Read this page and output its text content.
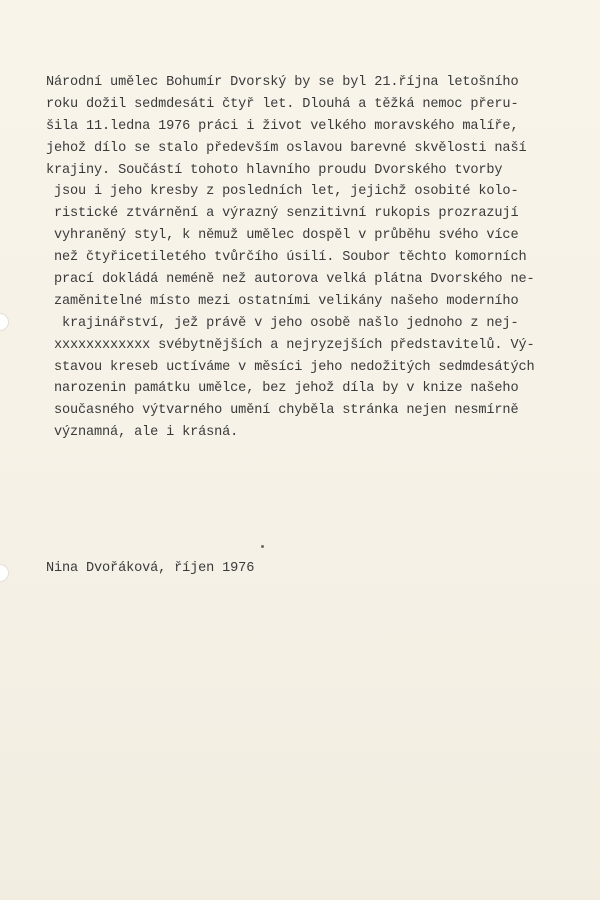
Národní umělec Bohumír Dvorský by se byl 21.října letošního
roku dožil sedmdesáti čtyř let. Dlouhá a těžká nemoc přeru-
šila 11.ledna 1976 práci i život velkého moravského malíře,
jehož dílo se stalo především oslavou barevné skvělosti naší
krajiny. Součástí tohoto hlavního proudu Dvorského tvorby
jsou i jeho kresby z posledních let, jejichž osobité kolo-
ristické ztvárnění a výrazný senzitivní rukopis prozrazují
vyhraněný styl, k němuž umělec dospěl v průběhu svého více
než čtyřicetiletého tvůrčího úsilí. Soubor těchto komorních
prací dokládá neméně než autorova velká plátna Dvorského ne-
zaměnitelné místo mezi ostatními velikány našeho moderního
krajinářství, jež právě v jeho osobě našlo jednoho z nej-
xxxxxxxxxxxx svébytnějších a nejryzejších představitelů. Vý-
stavou kreseb uctíváme v měsíci jeho nedožitých sedmdesátých
narozenin památku umělce, bez jehož díla by v knize našeho
současného výtvarného umění chyběla stránka nejen nesmírně
významná, ale i krásná.
Nina Dvořáková, říjen 1976
